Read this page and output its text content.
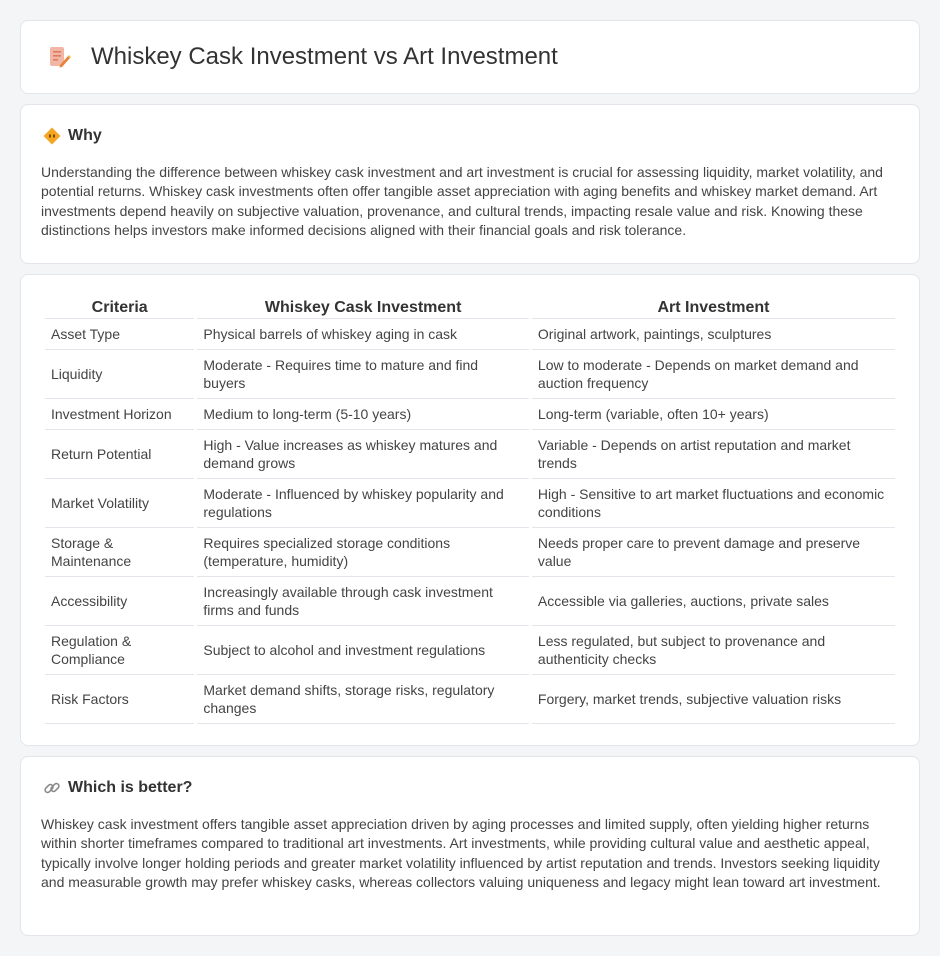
Whiskey Cask Investment vs Art Investment
Why

Understanding the difference between whiskey cask investment and art investment is crucial for assessing liquidity, market volatility, and potential returns. Whiskey cask investments often offer tangible asset appreciation with aging benefits and whiskey market demand. Art investments depend heavily on subjective valuation, provenance, and cultural trends, impacting resale value and risk. Knowing these distinctions helps investors make informed decisions aligned with their financial goals and risk tolerance.

Criteria	Whiskey Cask Investment	Art Investment
Asset Type	Physical barrels of whiskey aging in cask	Original artwork, paintings, sculptures
Liquidity	Moderate - Requires time to mature and find buyers	Low to moderate - Depends on market demand and auction frequency
Investment Horizon	Medium to long-term (5-10 years)	Long-term (variable, often 10+ years)
Return Potential	High - Value increases as whiskey matures and demand grows	Variable - Depends on artist reputation and market trends
Market Volatility	Moderate - Influenced by whiskey popularity and regulations	High - Sensitive to art market fluctuations and economic conditions
Storage & Maintenance	Requires specialized storage conditions (temperature, humidity)	Needs proper care to prevent damage and preserve value
Accessibility	Increasingly available through cask investment firms and funds	Accessible via galleries, auctions, private sales
Regulation & Compliance	Subject to alcohol and investment regulations	Less regulated, but subject to provenance and authenticity checks
Risk Factors	Market demand shifts, storage risks, regulatory changes	Forgery, market trends, subjective valuation risks
Which is better?

Whiskey cask investment offers tangible asset appreciation driven by aging processes and limited supply, often yielding higher returns within shorter timeframes compared to traditional art investments. Art investments, while providing cultural value and aesthetic appeal, typically involve longer holding periods and greater market volatility influenced by artist reputation and trends. Investors seeking liquidity and measurable growth may prefer whiskey casks, whereas collectors valuing uniqueness and legacy might lean toward art investment.
